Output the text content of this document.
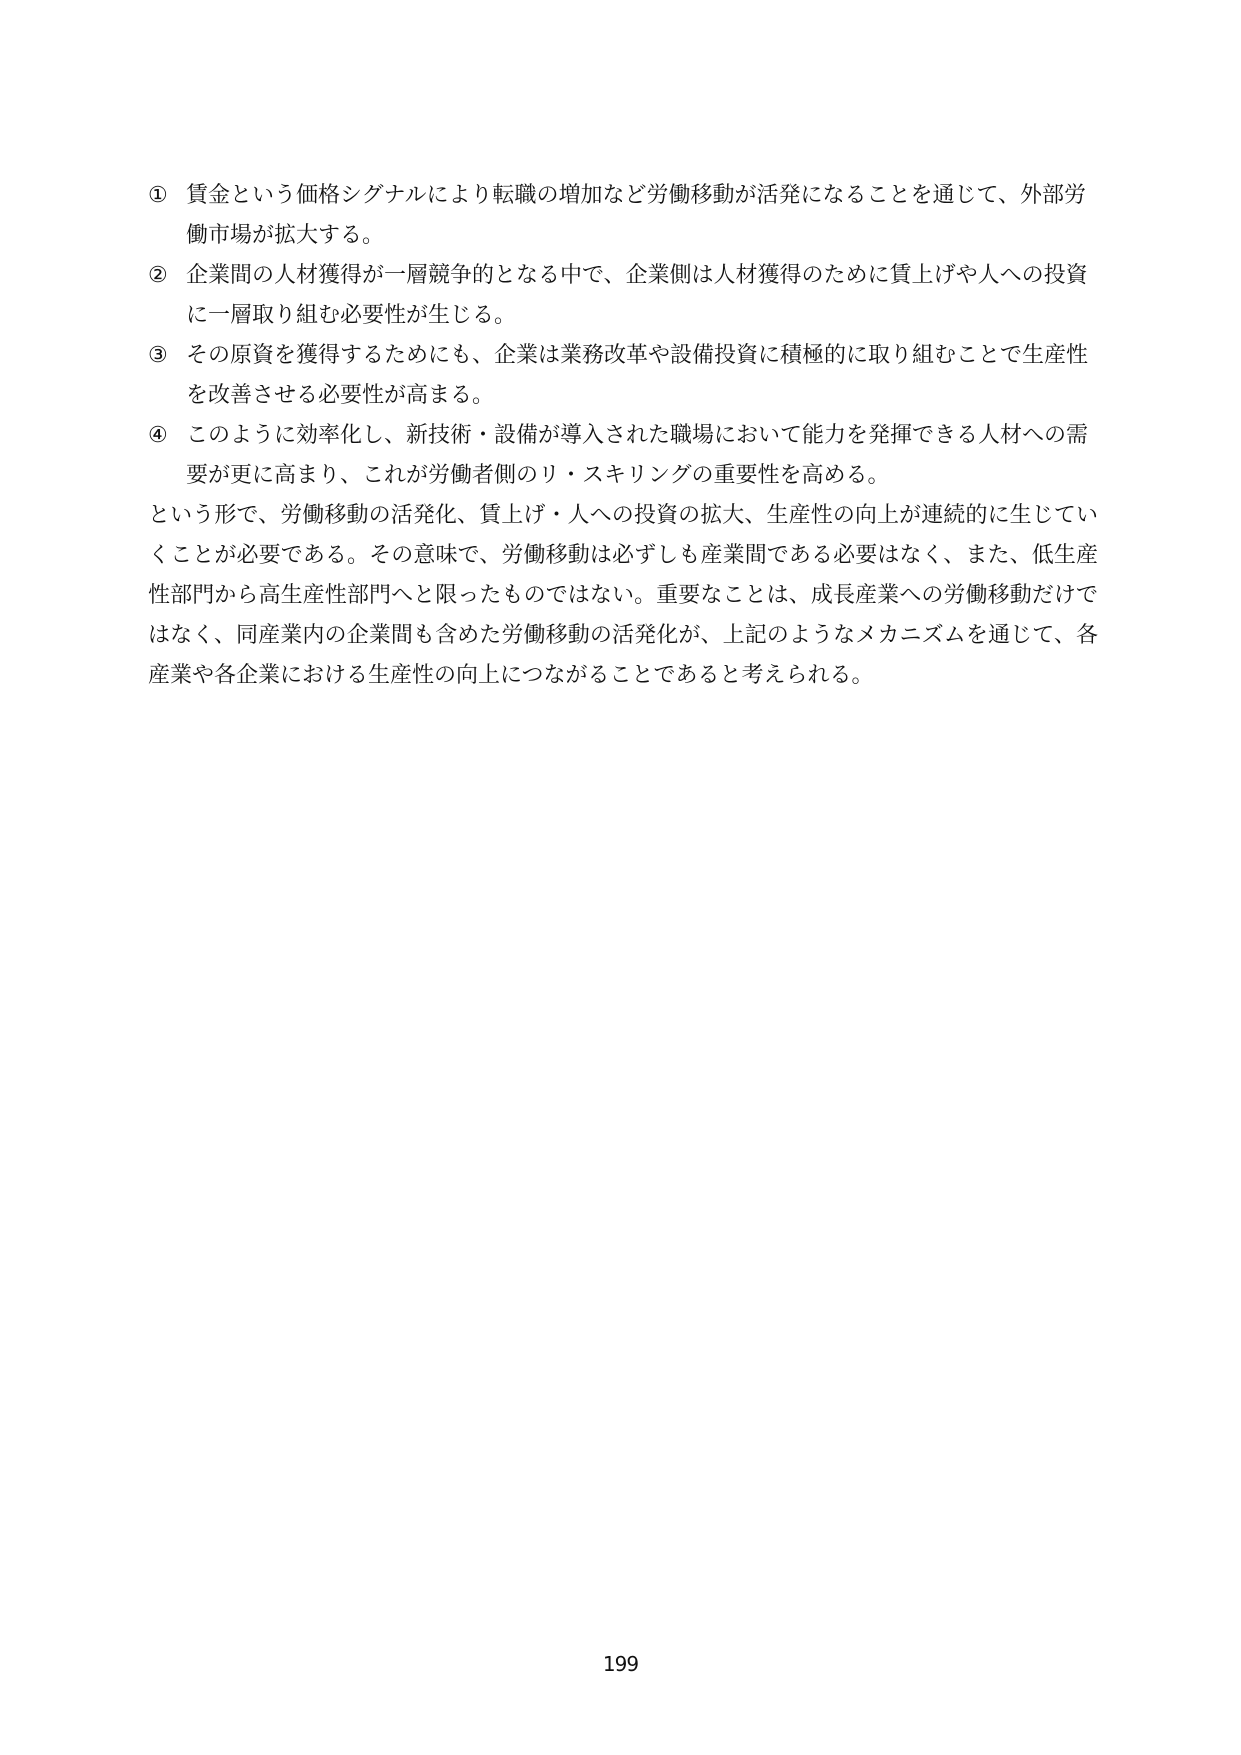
① 賃金という価格シグナルにより転職の増加など労働移動が活発になることを通じて、外部労働市場が拡大する。
② 企業間の人材獲得が一層競争的となる中で、企業側は人材獲得のために賃上げや人への投資に一層取り組む必要性が生じる。
③ その原資を獲得するためにも、企業は業務改革や設備投資に積極的に取り組むことで生産性を改善させる必要性が高まる。
④ このように効率化し、新技術・設備が導入された職場において能力を発揮できる人材への需要が更に高まり、これが労働者側のリ・スキリングの重要性を高める。

という形で、労働移動の活発化、賃上げ・人への投資の拡大、生産性の向上が連続的に生じていくことが必要である。その意味で、労働移動は必ずしも産業間である必要はなく、また、低生産性部門から高生産性部門へと限ったものではない。重要なことは、成長産業への労働移動だけではなく、同産業内の企業間も含めた労働移動の活発化が、上記のようなメカニズムを通じて、各産業や各企業における生産性の向上につながることであると考えられる。

199
